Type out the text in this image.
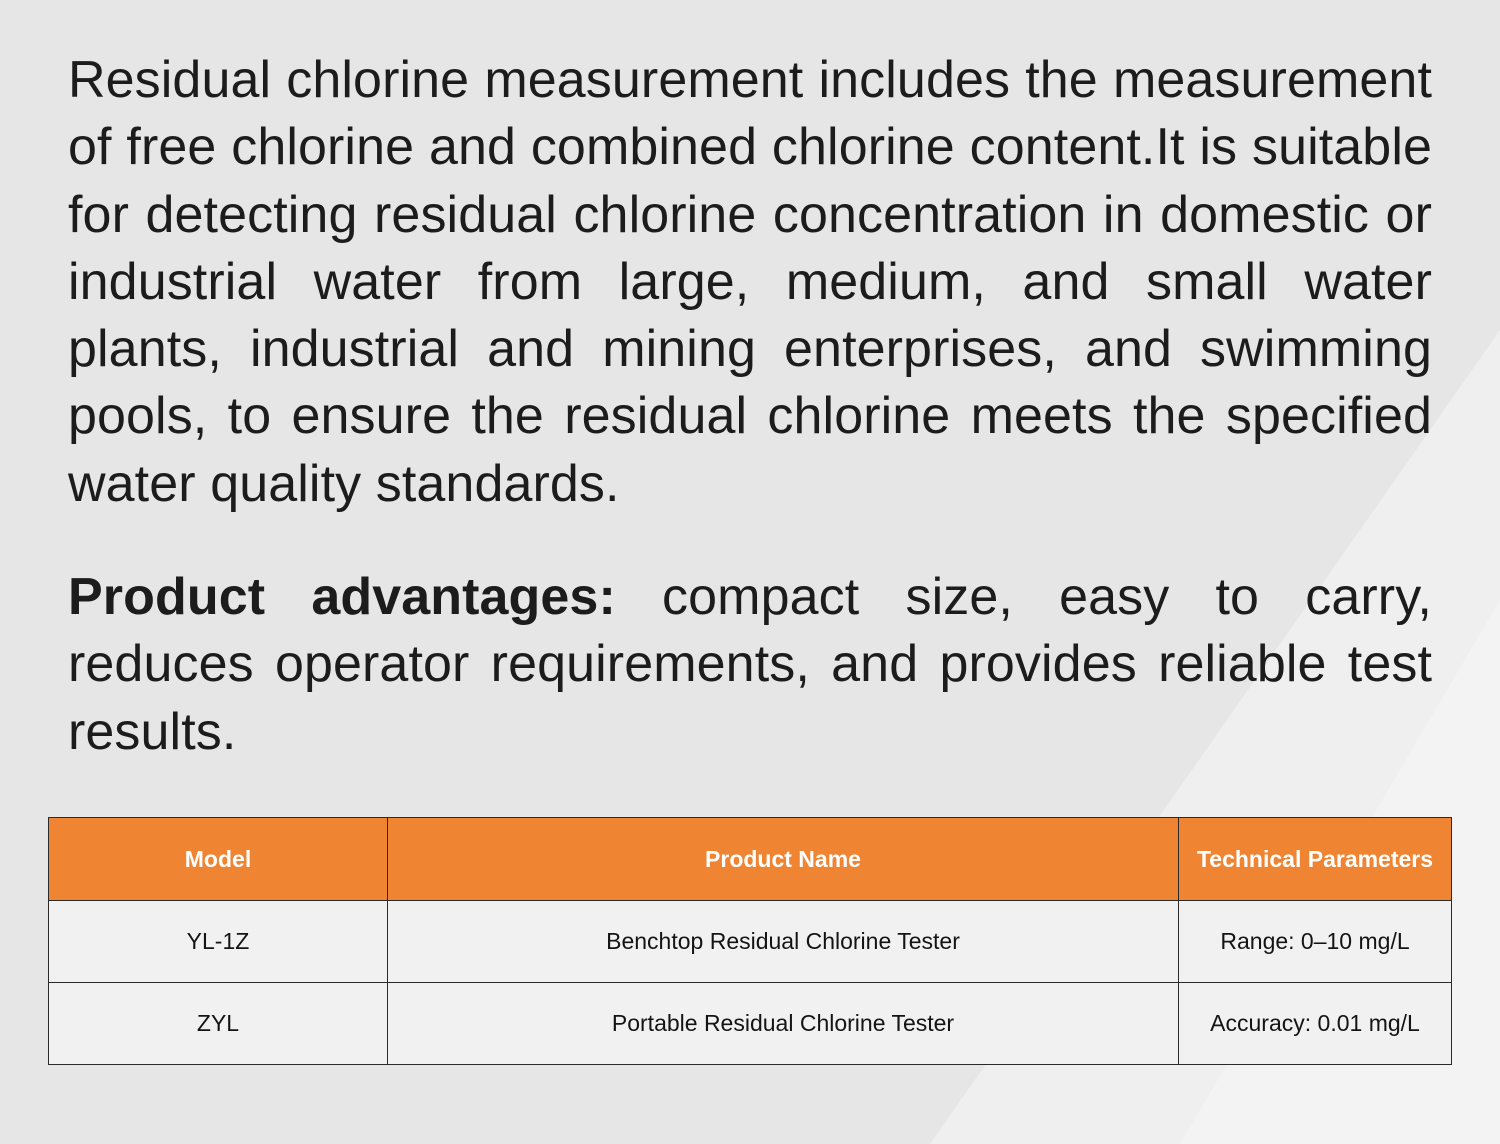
Residual chlorine measurement includes the measurement of free chlorine and combined chlorine content.It is suitable for detecting residual chlorine concentration in domestic or industrial water from large, medium, and small water plants, industrial and mining enterprises, and swimming pools, to ensure the residual chlorine meets the specified water quality standards.

Product advantages: compact size, easy to carry, reduces operator requirements, and provides reliable test results.

Model	Product Name	Technical Parameters
YL-1Z	Benchtop Residual Chlorine Tester	Range: 0–10 mg/L
ZYL	Portable Residual Chlorine Tester	Accuracy: 0.01 mg/L
